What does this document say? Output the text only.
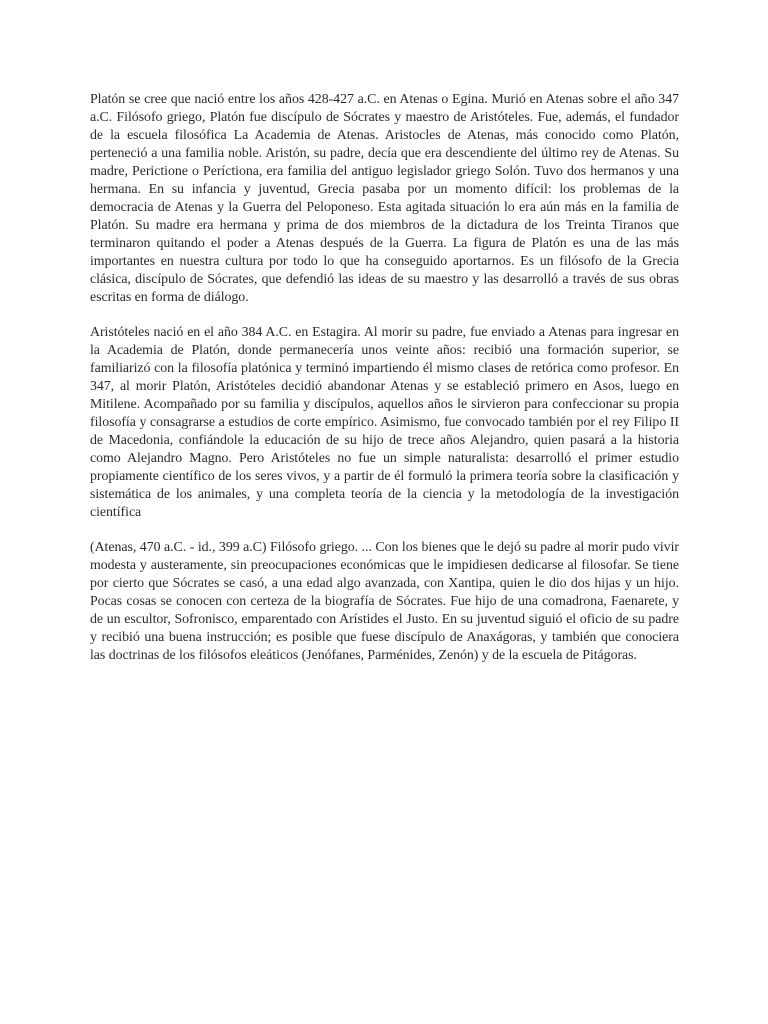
Platón se cree que nació entre los años 428-427 a.C. en Atenas o Egina. Murió en Atenas sobre el año 347 a.C. Filósofo griego, Platón fue discípulo de Sócrates y maestro de Aristóteles. Fue, además, el fundador de la escuela filosófica La Academia de Atenas. Aristocles de Atenas, más conocido como Platón, perteneció a una familia noble. Aristón, su padre, decía que era descendiente del último rey de Atenas. Su madre, Perictione o Períctiona, era familia del antiguo legislador griego Solón. Tuvo dos hermanos y una hermana. En su infancia y juventud, Grecia pasaba por un momento difícil: los problemas de la democracia de Atenas y la Guerra del Peloponeso. Esta agitada situación lo era aún más en la familia de Platón. Su madre era hermana y prima de dos miembros de la dictadura de los Treinta Tiranos que terminaron quitando el poder a Atenas después de la Guerra. La figura de Platón es una de las más importantes en nuestra cultura por todo lo que ha conseguido aportarnos. Es un filósofo de la Grecia clásica, discípulo de Sócrates, que defendió las ideas de su maestro y las desarrolló a través de sus obras escritas en forma de diálogo.

Aristóteles nació en el año 384 A.C. en Estagira. Al morir su padre, fue enviado a Atenas para ingresar en la Academia de Platón, donde permanecería unos veinte años: recibió una formación superior, se familiarizó con la filosofía platónica y terminó impartiendo él mismo clases de retórica como profesor. En 347, al morir Platón, Aristóteles decidió abandonar Atenas y se estableció primero en Asos, luego en Mitilene. Acompañado por su familia y discípulos, aquellos años le sirvieron para confeccionar su propia filosofía y consagrarse a estudios de corte empírico. Asimismo, fue convocado también por el rey Filipo II de Macedonia, confiándole la educación de su hijo de trece años Alejandro, quien pasará a la historia como Alejandro Magno. Pero Aristóteles no fue un simple naturalista: desarrolló el primer estudio propiamente científico de los seres vivos, y a partir de él formuló la primera teoría sobre la clasificación y sistemática de los animales, y una completa teoría de la ciencia y la metodología de la investigación científica

(Atenas, 470 a.C. - id., 399 a.C) Filósofo griego. ... Con los bienes que le dejó su padre al morir pudo vivir modesta y austeramente, sin preocupaciones económicas que le impidiesen dedicarse al filosofar. Se tiene por cierto que Sócrates se casó, a una edad algo avanzada, con Xantipa, quien le dio dos hijas y un hijo. Pocas cosas se conocen con certeza de la biografía de Sócrates. Fue hijo de una comadrona, Faenarete, y de un escultor, Sofronisco, emparentado con Arístides el Justo. En su juventud siguió el oficio de su padre y recibió una buena instrucción; es posible que fuese discípulo de Anaxágoras, y también que conociera las doctrinas de los filósofos eleáticos (Jenófanes, Parménides, Zenón) y de la escuela de Pitágoras.
